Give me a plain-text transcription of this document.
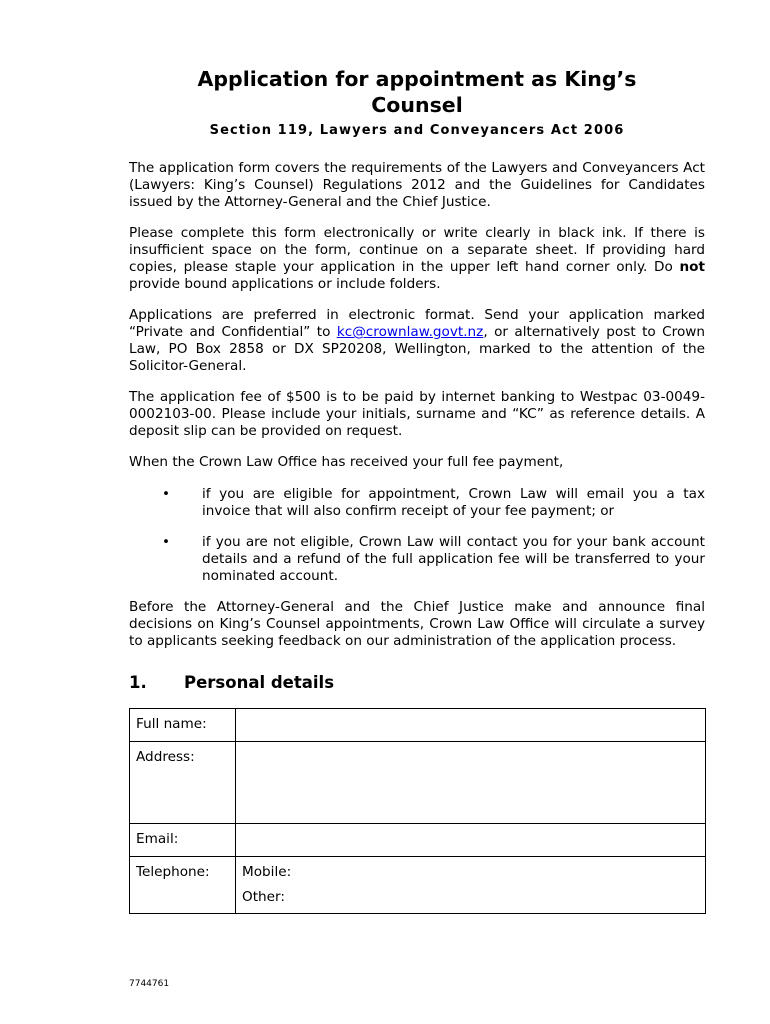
Application for appointment as King’s Counsel
Section 119, Lawyers and Conveyancers Act 2006

The application form covers the requirements of the Lawyers and Conveyancers Act (Lawyers: King’s Counsel) Regulations 2012 and the Guidelines for Candidates issued by the Attorney-General and the Chief Justice.

Please complete this form electronically or write clearly in black ink. If there is insufficient space on the form, continue on a separate sheet. If providing hard copies, please staple your application in the upper left hand corner only. Do not provide bound applications or include folders.

Applications are preferred in electronic format. Send your application marked “Private and Confidential” to kc@crownlaw.govt.nz, or alternatively post to Crown Law, PO Box 2858 or DX SP20208, Wellington, marked to the attention of the Solicitor-General.

The application fee of $500 is to be paid by internet banking to Westpac 03-0049-0002103-00. Please include your initials, surname and “KC” as reference details. A deposit slip can be provided on request.

When the Crown Law Office has received your full fee payment,

• if you are eligible for appointment, Crown Law will email you a tax invoice that will also confirm receipt of your fee payment; or
• if you are not eligible, Crown Law will contact you for your bank account details and a refund of the full application fee will be transferred to your nominated account.

Before the Attorney-General and the Chief Justice make and announce final decisions on King’s Counsel appointments, Crown Law Office will circulate a survey to applicants seeking feedback on our administration of the application process.

1.	Personal details
Full name:	
Address:	
Email:	
Telephone:	Mobile:
Other:
7744761
